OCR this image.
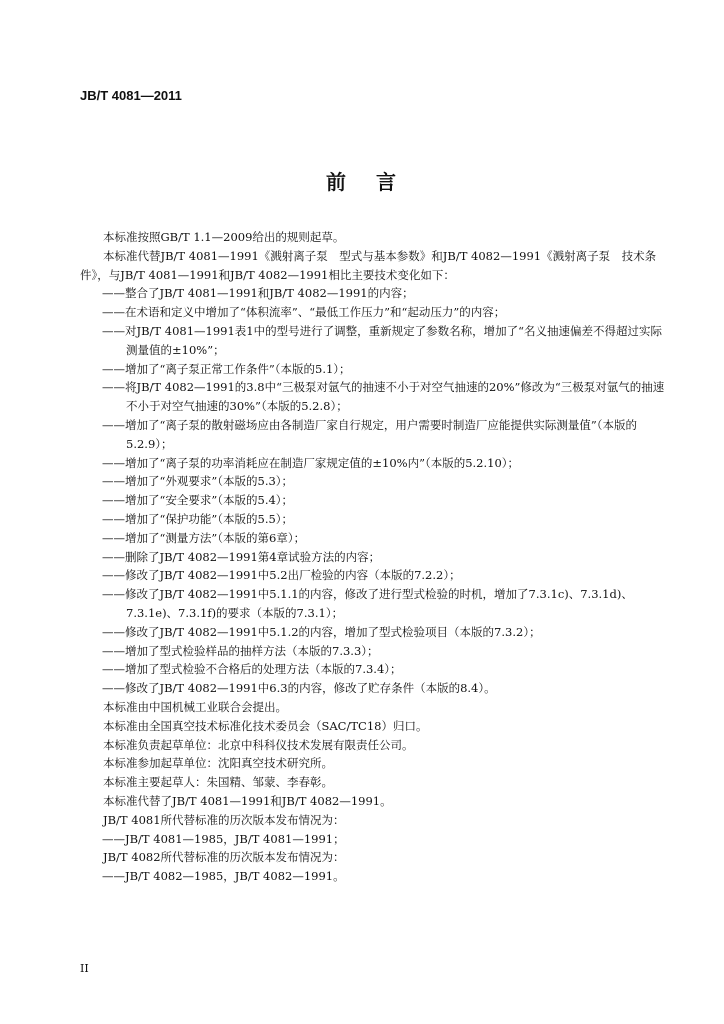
JB/T 4081—2011
前 言

本标准按照GB/T 1.1—2009给出的规则起草。

本标准代替JB/T 4081—1991《溅射离子泵　型式与基本参数》和JB/T 4082—1991《溅射离子泵　技术条件》，与JB/T 4081—1991和JB/T 4082—1991相比主要技术变化如下：

——整合了JB/T 4081—1991和JB/T 4082—1991的内容；

——在术语和定义中增加了“体积流率”、“最低工作压力”和“起动压力”的内容；

——对JB/T 4081—1991表1中的型号进行了调整，重新规定了参数名称，增加了“名义抽速偏差不得超过实际测量值的±10%”；

——增加了“离子泵正常工作条件”（本版的5.1）；

——将JB/T 4082—1991的3.8中“三极泵对氩气的抽速不小于对空气抽速的20%”修改为“三极泵对氩气的抽速不小于对空气抽速的30%”（本版的5.2.8）；

——增加了“离子泵的散射磁场应由各制造厂家自行规定，用户需要时制造厂应能提供实际测量值”（本版的5.2.9）；

——增加了“离子泵的功率消耗应在制造厂家规定值的±10%内”（本版的5.2.10）；

——增加了“外观要求”（本版的5.3）；

——增加了“安全要求”（本版的5.4）；

——增加了“保护功能”（本版的5.5）；

——增加了“测量方法”（本版的第6章）；

——删除了JB/T 4082—1991第4章试验方法的内容；

——修改了JB/T 4082—1991中5.2出厂检验的内容（本版的7.2.2）；

——修改了JB/T 4082—1991中5.1.1的内容，修改了进行型式检验的时机，增加了7.3.1c)、7.3.1d)、7.3.1e)、7.3.1f)的要求（本版的7.3.1）；

——修改了JB/T 4082—1991中5.1.2的内容，增加了型式检验项目（本版的7.3.2）；

——增加了型式检验样品的抽样方法（本版的7.3.3）；

——增加了型式检验不合格后的处理方法（本版的7.3.4）；

——修改了JB/T 4082—1991中6.3的内容，修改了贮存条件（本版的8.4）。

本标准由中国机械工业联合会提出。

本标准由全国真空技术标准化技术委员会（SAC/TC18）归口。

本标准负责起草单位：北京中科科仪技术发展有限责任公司。

本标准参加起草单位：沈阳真空技术研究所。

本标准主要起草人：朱国精、邹蒙、李春彰。

本标准代替了JB/T 4081—1991和JB/T 4082—1991。

JB/T 4081所代替标准的历次版本发布情况为：

——JB/T 4081—1985，JB/T 4081—1991；

JB/T 4082所代替标准的历次版本发布情况为：

——JB/T 4082—1985，JB/T 4082—1991。

II
